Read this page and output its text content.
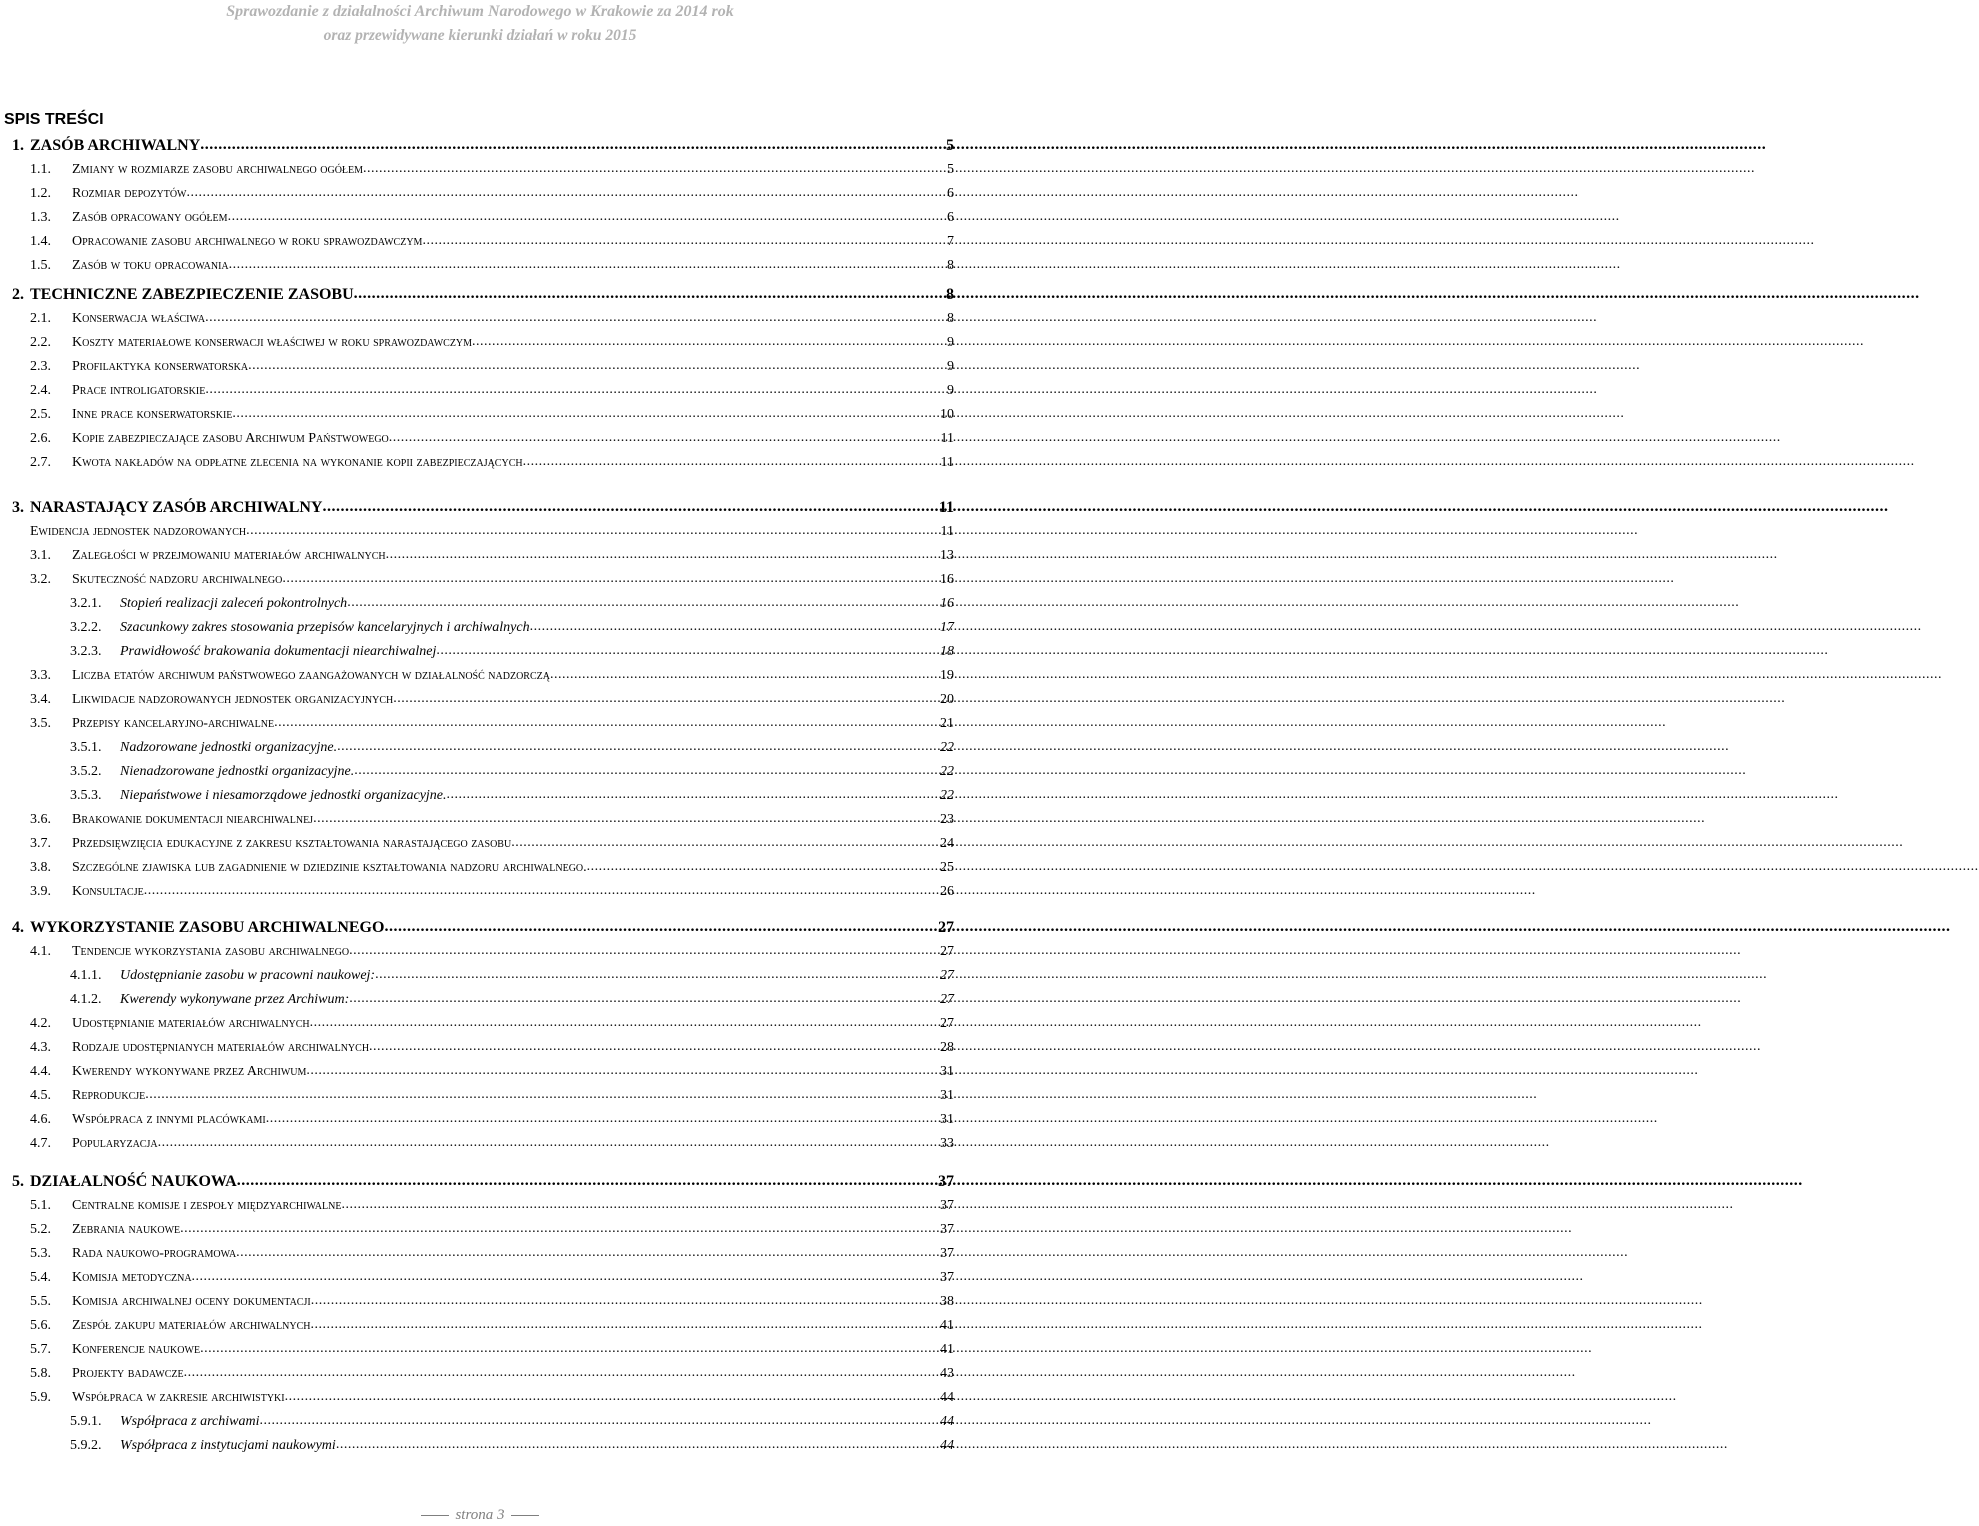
Sprawozdanie z działalności Archiwum Narodowego w Krakowie za 2014 rok
oraz przewidywane kierunki działań w roku 2015
SPIS TREŚCI
1. ZASÓB ARCHIWALNY .....	5
1.1.	Zmiany w rozmiarze zasobu archiwalnego ogółem .....	5
1.2.	Rozmiar depozytów .....	6
1.3.	Zasób opracowany ogółem .....	6
1.4.	Opracowanie zasobu archiwalnego w roku sprawozdawczym .....	7
1.5.	Zasób w toku opracowania .....	8
2. TECHNICZNE ZABEZPIECZENIE ZASOBU .....	8
2.1.	Konserwacja właściwa .....	8
2.2.	Koszty materiałowe konserwacji właściwej w roku sprawozdawczym .....	9
2.3.	Profilaktyka konserwatorska .....	9
2.4.	Prace introligatorskie .....	9
2.5.	Inne prace konserwatorskie .....	10
2.6.	Kopie zabezpieczające zasobu Archiwum Państwowego .....	11
2.7.	Kwota nakładów na odpłatne zlecenia na wykonanie kopii zabezpieczających .....	11
3. NARASTAJĄCY ZASÓB ARCHIWALNY .....	11
Ewidencja jednostek nadzorowanych .....	11
3.1.	Zaległości w przejmowaniu materiałów archiwalnych .....	13
3.2.	Skuteczność nadzoru archiwalnego .....	16
3.2.1.	Stopień realizacji zaleceń pokontrolnych .....	16
3.2.2.	Szacunkowy zakres stosowania przepisów kancelaryjnych i archiwalnych .....	17
3.2.3.	Prawidłowość brakowania dokumentacji niearchiwalnej .....	18
3.3.	Liczba etatów archiwum państwowego zaangażowanych w działalność nadzorczą .....	19
3.4.	Likwidacje nadzorowanych jednostek organizacyjnych .....	20
3.5.	Przepisy kancelaryjno-archiwalne .....	21
3.5.1.	Nadzorowane jednostki organizacyjne. .....	22
3.5.2.	Nienadzorowane jednostki organizacyjne. .....	22
3.5.3.	Niepaństwowe i niesamorządowe jednostki organizacyjne. .....	22
3.6.	Brakowanie dokumentacji niearchiwalnej .....	23
3.7.	Przedsięwzięcia edukacyjne z zakresu kształtowania narastającego zasobu .....	24
3.8.	Szczególne zjawiska lub zagadnienie w dziedzinie kształtowania nadzoru archiwalnego. .....	25
3.9.	Konsultacje .....	26
4. WYKORZYSTANIE ZASOBU ARCHIWALNEGO .....	27
4.1.	Tendencje wykorzystania zasobu archiwalnego .....	27
4.1.1.	Udostępnianie zasobu w pracowni naukowej: .....	27
4.1.2.	Kwerendy wykonywane przez Archiwum: .....	27
4.2.	Udostępnianie materiałów archiwalnych .....	27
4.3.	Rodzaje udostępnianych materiałów archiwalnych .....	28
4.4.	Kwerendy wykonywane przez Archiwum .....	31
4.5.	Reprodukcje .....	31
4.6.	Współpraca z innymi placówkami .....	31
4.7.	Popularyzacja .....	33
5. DZIAŁALNOŚĆ NAUKOWA .....	37
5.1.	Centralne komisje i zespoły międzyarchiwalne .....	37
5.2.	Zebrania naukowe .....	37
5.3.	Rada naukowo-programowa .....	37
5.4.	Komisja metodyczna .....	37
5.5.	Komisja archiwalnej oceny dokumentacji .....	38
5.6.	Zespół zakupu materiałów archiwalnych .....	41
5.7.	Konferencje naukowe .....	41
5.8.	Projekty badawcze .....	43
5.9.	Współpraca w zakresie archiwistyki .....	44
5.9.1.	Współpraca z archiwami .....	44
5.9.2.	Współpraca z instytucjami naukowymi .....	44
strona 3
